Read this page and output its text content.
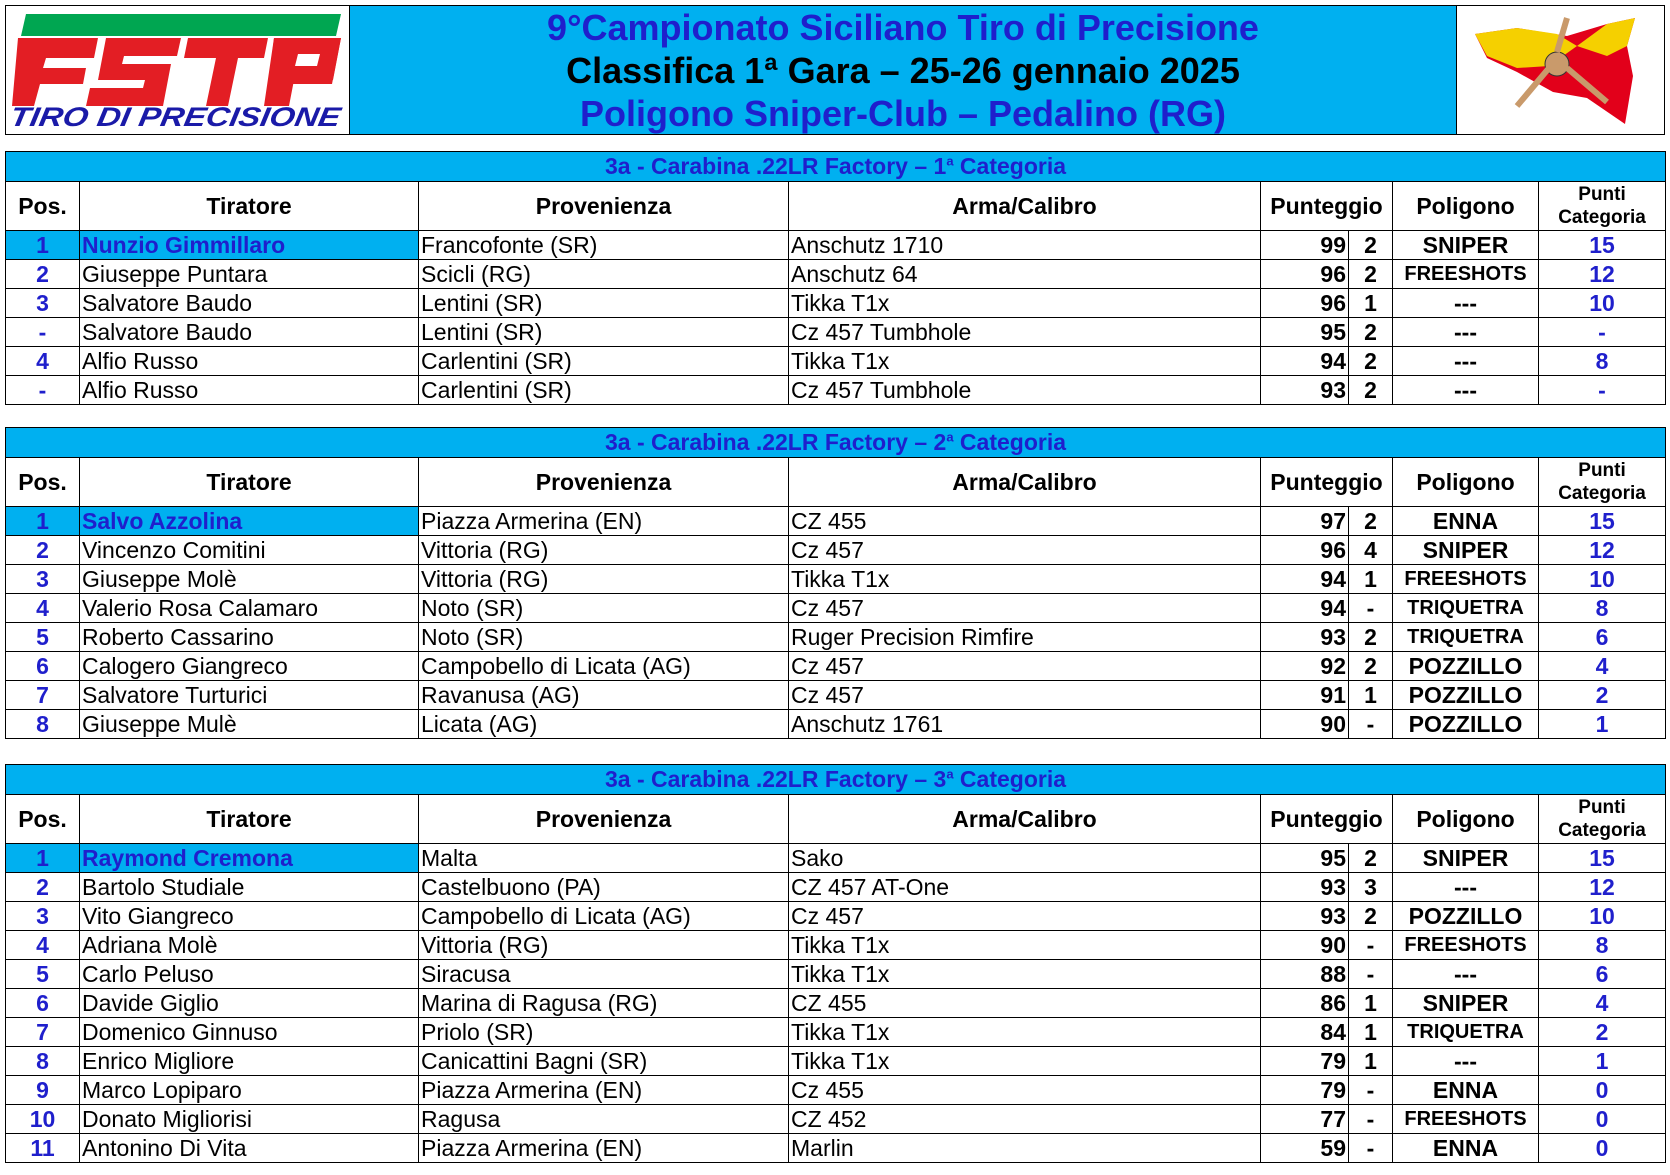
TIRO DI PRECISIONE
9°Campionato Siciliano Tiro di Precisione
Classifica 1ª Gara – 25-26 gennaio 2025
Poligono Sniper-Club – Pedalino (RG)
3a - Carabina .22LR Factory – 1$^a$ Categoria							
Pos.	Tiratore	Provenienza	Arma/Calibro	Punteggio		Poligono	Punti
Categoria
1	Nunzio Gimmillaro	Francofonte (SR)	Anschutz 1710	99	2	SNIPER	15
2	Giuseppe Puntara	Scicli (RG)	Anschutz 64	96	2	FREESHOTS	12
3	Salvatore Baudo	Lentini (SR)	Tikka T1x	96	1	---	10
-	Salvatore Baudo	Lentini (SR)	Cz 457 Tumbhole	95	2	---	-
4	Alfio Russo	Carlentini (SR)	Tikka T1x	94	2	---	8
-	Alfio Russo	Carlentini (SR)	Cz 457 Tumbhole	93	2	---	-
3a - Carabina .22LR Factory – 2$^a$ Categoria							
Pos.	Tiratore	Provenienza	Arma/Calibro	Punteggio		Poligono	Punti
Categoria
1	Salvo Azzolina	Piazza Armerina (EN)	CZ 455	97	2	ENNA	15
2	Vincenzo Comitini	Vittoria (RG)	Cz 457	96	4	SNIPER	12
3	Giuseppe Molè	Vittoria (RG)	Tikka T1x	94	1	FREESHOTS	10
4	Valerio Rosa Calamaro	Noto (SR)	Cz 457	94	-	TRIQUETRA	8
5	Roberto Cassarino	Noto (SR)	Ruger Precision Rimfire	93	2	TRIQUETRA	6
6	Calogero Giangreco	Campobello di Licata (AG)	Cz 457	92	2	POZZILLO	4
7	Salvatore Turturici	Ravanusa (AG)	Cz 457	91	1	POZZILLO	2
8	Giuseppe Mulè	Licata (AG)	Anschutz 1761	90	-	POZZILLO	1
3a - Carabina .22LR Factory – 3$^a$ Categoria							
Pos.	Tiratore	Provenienza	Arma/Calibro	Punteggio		Poligono	Punti
Categoria
1	Raymond Cremona	Malta	Sako	95	2	SNIPER	15
2	Bartolo Studiale	Castelbuono (PA)	CZ 457 AT-One	93	3	---	12
3	Vito Giangreco	Campobello di Licata (AG)	Cz 457	93	2	POZZILLO	10
4	Adriana Molè	Vittoria (RG)	Tikka T1x	90	-	FREESHOTS	8
5	Carlo Peluso	Siracusa	Tikka T1x	88	-	---	6
6	Davide Giglio	Marina di Ragusa (RG)	CZ 455	86	1	SNIPER	4
7	Domenico Ginnuso	Priolo (SR)	Tikka T1x	84	1	TRIQUETRA	2
8	Enrico Migliore	Canicattini Bagni (SR)	Tikka T1x	79	1	---	1
9	Marco Lopiparo	Piazza Armerina (EN)	Cz 455	79	-	ENNA	0
10	Donato Migliorisi	Ragusa	CZ 452	77	-	FREESHOTS	0
11	Antonino Di Vita	Piazza Armerina (EN)	Marlin	59	-	ENNA	0
